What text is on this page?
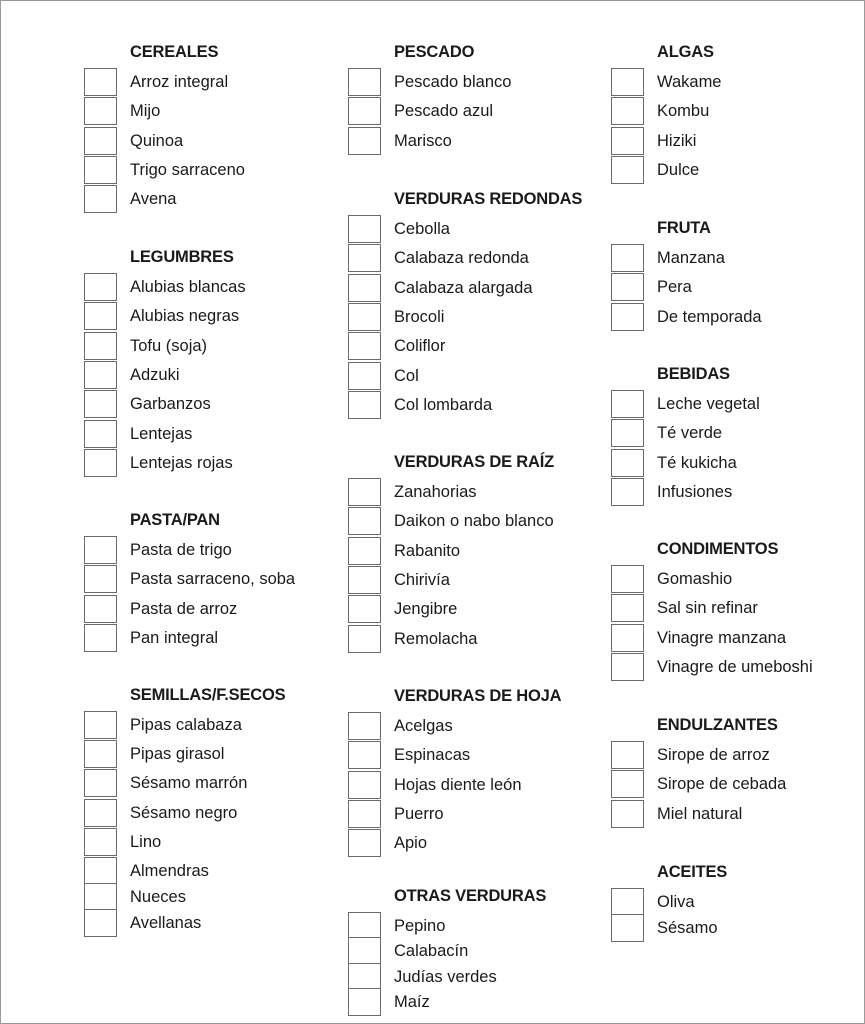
CEREALES
Arroz integral
Mijo
Quinoa
Trigo sarraceno
Avena
LEGUMBRES
Alubias blancas
Alubias negras
Tofu (soja)
Adzuki
Garbanzos
Lentejas
Lentejas rojas
PASTA/PAN
Pasta de trigo
Pasta sarraceno, soba
Pasta de arroz
Pan integral
SEMILLAS/F.SECOS
Pipas calabaza
Pipas girasol
Sésamo marrón
Sésamo negro
Lino
Almendras
Nueces
Avellanas
PESCADO
Pescado blanco
Pescado azul
Marisco
VERDURAS REDONDAS
Cebolla
Calabaza redonda
Calabaza alargada
Brocoli
Coliflor
Col
Col lombarda
VERDURAS DE RAÍZ
Zanahorias
Daikon o nabo blanco
Rabanito
Chirivía
Jengibre
Remolacha
VERDURAS DE HOJA
Acelgas
Espinacas
Hojas diente león
Puerro
Apio
OTRAS VERDURAS
Pepino
Calabacín
Judías verdes
Maíz
ALGAS
Wakame
Kombu
Hiziki
Dulce
FRUTA
Manzana
Pera
De temporada
BEBIDAS
Leche vegetal
Té verde
Té kukicha
Infusiones
CONDIMENTOS
Gomashio
Sal sin refinar
Vinagre manzana
Vinagre de umeboshi
ENDULZANTES
Sirope de arroz
Sirope de cebada
Miel natural
ACEITES
Oliva
Sésamo
